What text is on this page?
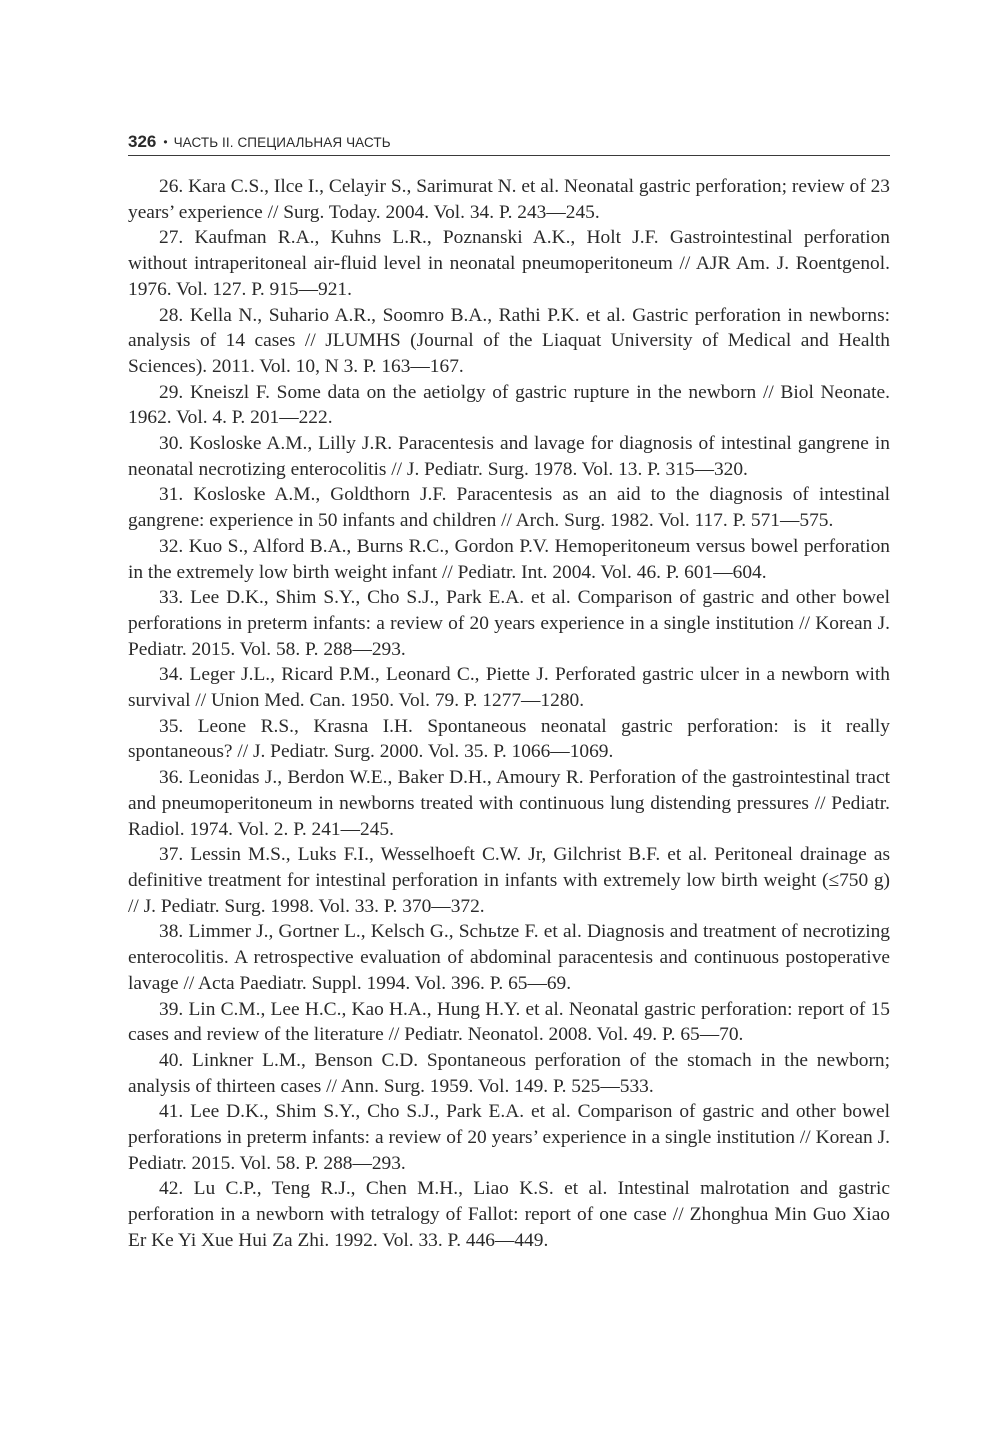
326 • ЧАСТЬ II. СПЕЦИАЛЬНАЯ ЧАСТЬ

26. Kara C.S., Ilce I., Celayir S., Sarimurat N. et al. Neonatal gastric perforation; review of 23 years’ experience // Surg. Today. 2004. Vol. 34. P. 243—245.

27. Kaufman R.A., Kuhns L.R., Poznanski A.K., Holt J.F. Gastrointestinal perforation without intraperitoneal air-fluid level in neonatal pneumoperitoneum // AJR Am. J. Roentgenol. 1976. Vol. 127. P. 915—921.

28. Kella N., Suhario A.R., Soomro B.A., Rathi P.K. et al. Gastric perforation in newborns: analysis of 14 cases // JLUMHS (Journal of the Liaquat University of Medical and Health Sciences). 2011. Vol. 10, N 3. P. 163—167.

29. Kneiszl F. Some data on the aetiolgy of gastric rupture in the newborn // Biol Neonate. 1962. Vol. 4. P. 201—222.

30. Kosloske A.M., Lilly J.R. Paracentesis and lavage for diagnosis of intestinal gangrene in neonatal necrotizing enterocolitis // J. Pediatr. Surg. 1978. Vol. 13. P. 315—320.

31. Kosloske A.M., Goldthorn J.F. Paracentesis as an aid to the diagnosis of intestinal gangrene: experience in 50 infants and children // Arch. Surg. 1982. Vol. 117. P. 571—575.

32. Kuo S., Alford B.A., Burns R.C., Gordon P.V. Hemoperitoneum versus bowel perforation in the extremely low birth weight infant // Pediatr. Int. 2004. Vol. 46. P. 601—604.

33. Lee D.K., Shim S.Y., Cho S.J., Park E.A. et al. Comparison of gastric and other bowel perforations in preterm infants: a review of 20 years experience in a single institution // Korean J. Pediatr. 2015. Vol. 58. P. 288—293.

34. Leger J.L., Ricard P.M., Leonard C., Piette J. Perforated gastric ulcer in a newborn with survival // Union Med. Can. 1950. Vol. 79. P. 1277—1280.

35. Leone R.S., Krasna I.H. Spontaneous neonatal gastric perforation: is it really spontaneous? // J. Pediatr. Surg. 2000. Vol. 35. P. 1066—1069.

36. Leonidas J., Berdon W.E., Baker D.H., Amoury R. Perforation of the gastrointestinal tract and pneumoperitoneum in newborns treated with continuous lung distending pressures // Pediatr. Radiol. 1974. Vol. 2. P. 241—245.

37. Lessin M.S., Luks F.I., Wesselhoeft C.W. Jr, Gilchrist B.F. et al. Peritoneal drainage as definitive treatment for intestinal perforation in infants with extremely low birth weight (≤750 g) // J. Pediatr. Surg. 1998. Vol. 33. P. 370—372.

38. Limmer J., Gortner L., Kelsch G., Schьtze F. et al. Diagnosis and treatment of necrotizing enterocolitis. A retrospective evaluation of abdominal paracentesis and continuous postoperative lavage // Acta Paediatr. Suppl. 1994. Vol. 396. P. 65—69.

39. Lin C.M., Lee H.C., Kao H.A., Hung H.Y. et al. Neonatal gastric perforation: report of 15 cases and review of the literature // Pediatr. Neonatol. 2008. Vol. 49. P. 65—70.

40. Linkner L.M., Benson C.D. Spontaneous perforation of the stomach in the newborn; analysis of thirteen cases // Ann. Surg. 1959. Vol. 149. P. 525—533.

41. Lee D.K., Shim S.Y., Cho S.J., Park E.A. et al. Comparison of gastric and other bowel perforations in preterm infants: a review of 20 years’ experience in a single institution // Korean J. Pediatr. 2015. Vol. 58. P. 288—293.

42. Lu C.P., Teng R.J., Chen M.H., Liao K.S. et al. Intestinal malrotation and gastric perforation in a newborn with tetralogy of Fallot: report of one case // Zhonghua Min Guo Xiao Er Ke Yi Xue Hui Za Zhi. 1992. Vol. 33. P. 446—449.
